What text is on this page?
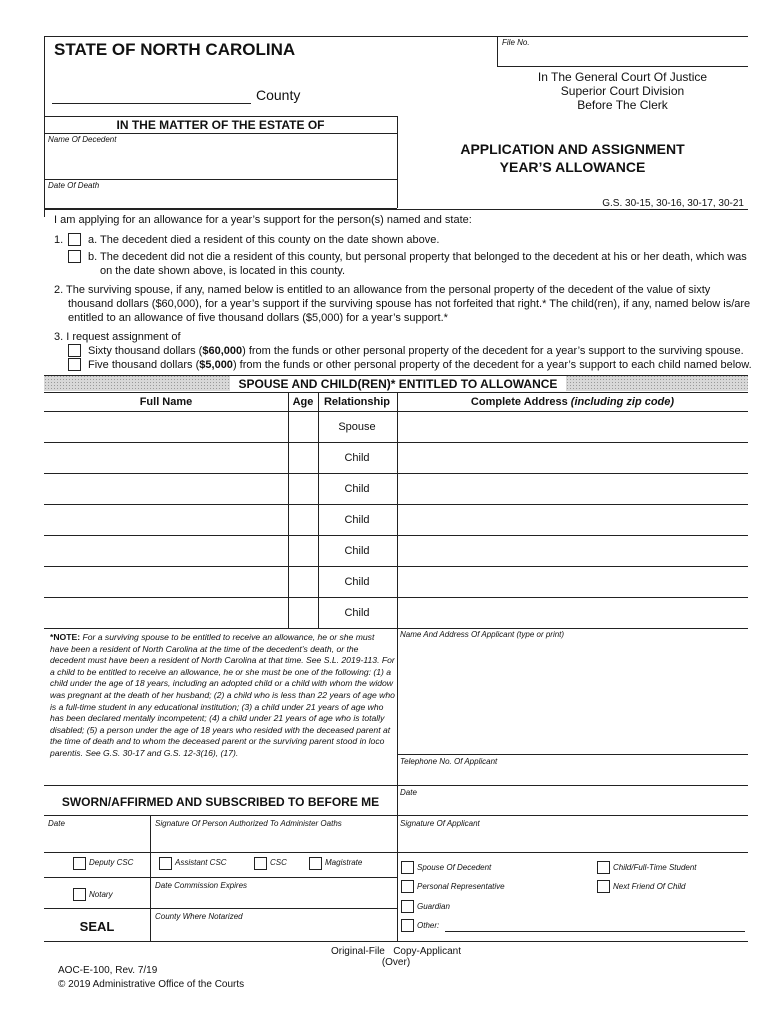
File No.
STATE OF NORTH CAROLINA
County
In The General Court Of Justice
Superior Court Division
Before The Clerk
IN THE MATTER OF THE ESTATE OF
Name Of Decedent
Date Of Death
APPLICATION AND ASSIGNMENT
YEAR’S ALLOWANCE
G.S. 30-15, 30-16, 30-17, 30-21
I am applying for an allowance for a year’s support for the person(s) named and state:
1. a. The decedent died a resident of this county on the date shown above.
b. The decedent did not die a resident of this county, but personal property that belonged to the decedent at his or her death, which was
on the date shown above, is located in this county.
2. The surviving spouse, if any, named below is entitled to an allowance from the personal property of the decedent of the value of sixty
thousand dollars ($60,000), for a year’s support if the surviving spouse has not forfeited that right.* The child(ren), if any, named below is/are
entitled to an allowance of five thousand dollars ($5,000) for a year’s support.*
3. I request assignment of
Sixty thousand dollars ($60,000) from the funds or other personal property of the decedent for a year’s support to the surviving spouse.
Five thousand dollars ($5,000) from the funds or other personal property of the decedent for a year’s support to each child named below.
SPOUSE AND CHILD(REN)* ENTITLED TO ALLOWANCE
Full Name	Age Relationship	Complete Address (including zip code)
Spouse
Child
Child
Child
Child
Child
Child
*NOTE: For a surviving spouse to be entitled to receive an allowance, he or she must have been a resident of North Carolina at the time of the decedent’s death, or the decedent must have been a resident of North Carolina at that time. See S.L. 2019-113. For a child to be entitled to receive an allowance, he or she must be one of the following: (1) a child under the age of 18 years, including an adopted child or a child with whom the widow was pregnant at the death of her husband; (2) a child who is less than 22 years of age who is a full-time student in any educational institution; (3) a child under 21 years of age who has been declared mentally incompetent; (4) a child under 21 years of age who is totally disabled; (5) a person under the age of 18 years who resided with the deceased parent at the time of death and to whom the deceased parent or the surviving parent stood in loco parentis. See G.S. 30-17 and G.S. 12-3(16), (17).
Name And Address Of Applicant (type or print)
Telephone No. Of Applicant
Date
SWORN/AFFIRMED AND SUBSCRIBED TO BEFORE ME
Date	Signature Of Person Authorized To Administer Oaths	Signature Of Applicant
Deputy CSC	Assistant CSC	CSC	Magistrate
Notary
Date Commission Expires
County Where Notarized
SEAL
Spouse Of Decedent	Child/Full-Time Student
Personal Representative	Next Friend Of Child
Guardian
Other:
Original-File   Copy-Applicant
(Over)
AOC-E-100, Rev. 7/19
© 2019 Administrative Office of the Courts
